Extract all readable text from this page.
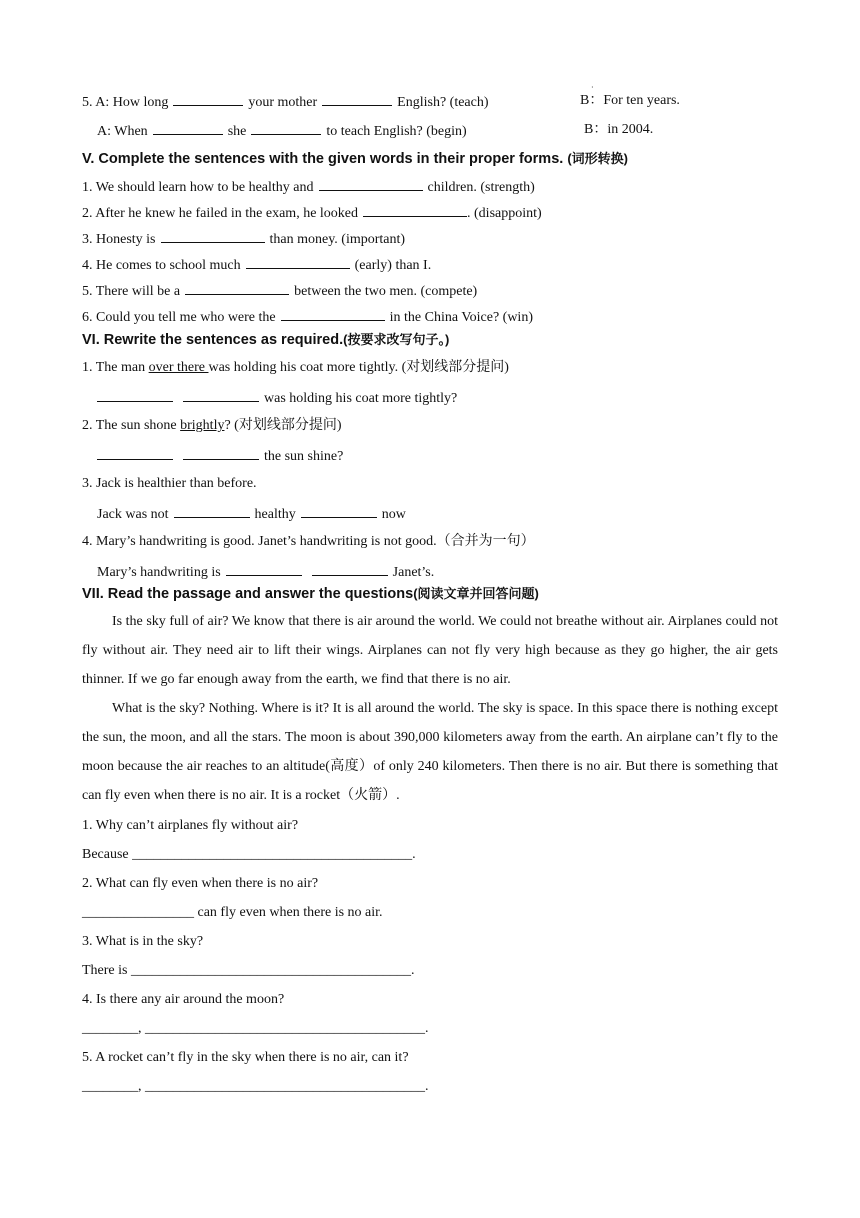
·
5. A: How long	your mother	English? (teach)	B：For ten years.
A: When	she	to teach English? (begin)	B：in 2004.
V. Complete the sentences with the given words in their proper forms. (词形转换)
1. We should learn how to be healthy and	children. (strength)
2. After he knew he failed in the exam, he looked	. (disappoint)
3. Honesty is	than money. (important)
4. He comes to school much	(early) than I.
5. There will be a	between the two men. (compete)
6. Could you tell me who were the	in the China Voice? (win)
VI. Rewrite the sentences as required.(按要求改写句子。)
1. The man over there was holding his coat more tightly. (对划线部分提问)
was holding his coat more tightly?
2. The sun shone brightly? (对划线部分提问)
the sun shine?
3. Jack is healthier than before.
Jack was not	healthy	now
4. Mary’s handwriting is good. Janet’s handwriting is not good.（合并为一句）
Mary’s handwriting is	Janet’s.
VII. Read the passage and answer the questions(阅读文章并回答问题)

Is the sky full of air? We know that there is air around the world. We could not breathe without air. Airplanes could not fly without air. They need air to lift their wings. Airplanes can not fly very high because as they go higher, the air gets thinner. If we go far enough away from the earth, we find that there is no air.

What is the sky? Nothing. Where is it? It is all around the world. The sky is space. In this space there is nothing except the sun, the moon, and all the stars. The moon is about 390,000 kilometers away from the earth. An airplane can’t fly to the moon because the air reaches to an altitude(高度）of only 240 kilometers. Then there is no air. But there is something that can fly even when there is no air. It is a rocket（火箭）.

1. Why can’t airplanes fly without air?
Because ________________________________________.
2. What can fly even when there is no air?
________________ can fly even when there is no air.
3. What is in the sky?
There is ________________________________________.
4. Is there any air around the moon?
________, ________________________________________.
5. A rocket can’t fly in the sky when there is no air, can it?
________, ________________________________________.
